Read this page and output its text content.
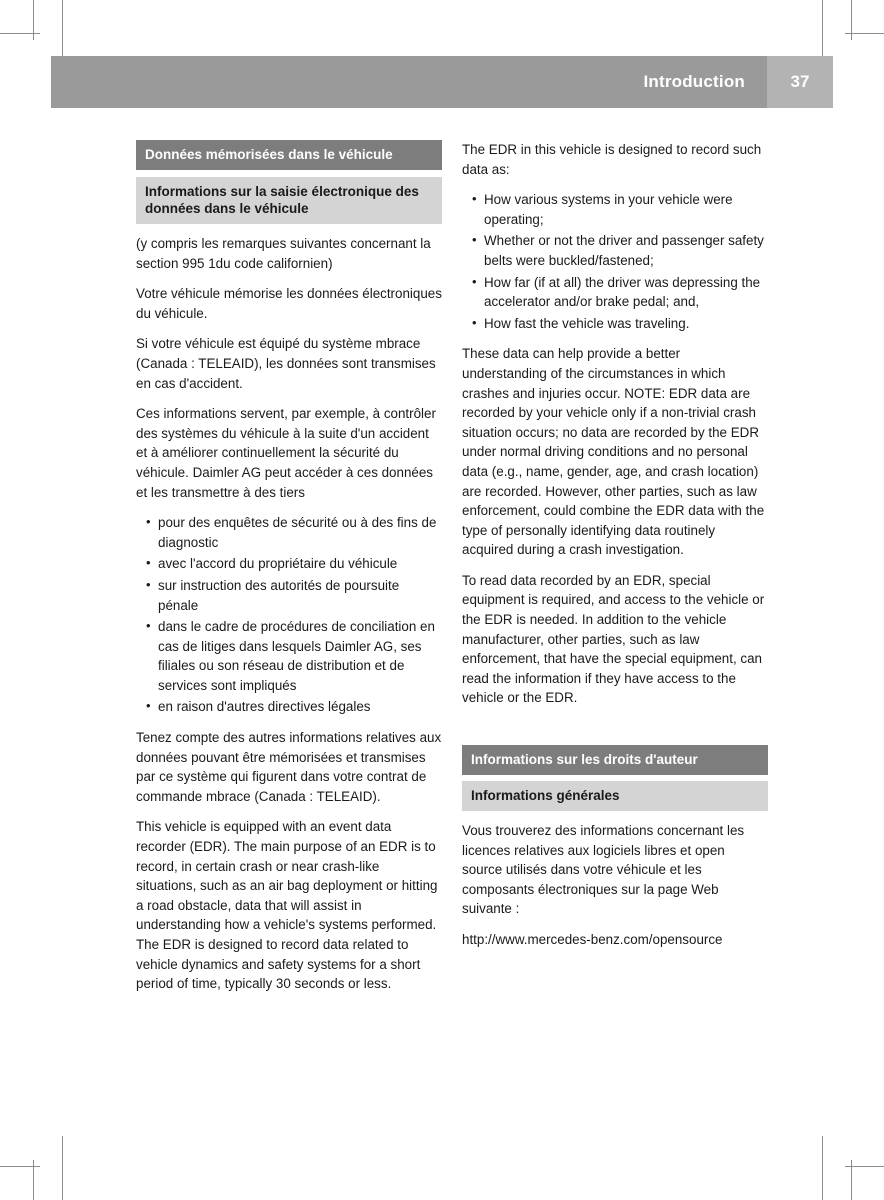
Introduction	37
Données mémorisées dans le véhicule
Informations sur la saisie électronique des données dans le véhicule

(y compris les remarques suivantes concernant la section 995 1du code californien)

Votre véhicule mémorise les données électroniques du véhicule.

Si votre véhicule est équipé du système mbrace (Canada : TELEAID), les données sont transmises en cas d'accident.

Ces informations servent, par exemple, à contrôler des systèmes du véhicule à la suite d'un accident et à améliorer continuellement la sécurité du véhicule. Daimler AG peut accéder à ces données et les transmettre à des tiers

• pour des enquêtes de sécurité ou à des fins de diagnostic
• avec l'accord du propriétaire du véhicule
• sur instruction des autorités de poursuite pénale
• dans le cadre de procédures de conciliation en cas de litiges dans lesquels Daimler AG, ses filiales ou son réseau de distribution et de services sont impliqués
• en raison d'autres directives légales

Tenez compte des autres informations relatives aux données pouvant être mémorisées et transmises par ce système qui figurent dans votre contrat de commande mbrace (Canada : TELEAID).

This vehicle is equipped with an event data recorder (EDR). The main purpose of an EDR is to record, in certain crash or near crash-like situations, such as an air bag deployment or hitting a road obstacle, data that will assist in understanding how a vehicle's systems performed. The EDR is designed to record data related to vehicle dynamics and safety systems for a short period of time, typically 30 seconds or less.

The EDR in this vehicle is designed to record such data as:

• How various systems in your vehicle were operating;
• Whether or not the driver and passenger safety belts were buckled/fastened;
• How far (if at all) the driver was depressing the accelerator and/or brake pedal; and,
• How fast the vehicle was traveling.

These data can help provide a better understanding of the circumstances in which crashes and injuries occur. NOTE: EDR data are recorded by your vehicle only if a non-trivial crash situation occurs; no data are recorded by the EDR under normal driving conditions and no personal data (e.g., name, gender, age, and crash location) are recorded. However, other parties, such as law enforcement, could combine the EDR data with the type of personally identifying data routinely acquired during a crash investigation.

To read data recorded by an EDR, special equipment is required, and access to the vehicle or the EDR is needed. In addition to the vehicle manufacturer, other parties, such as law enforcement, that have the special equipment, can read the information if they have access to the vehicle or the EDR.

Informations sur les droits d'auteur
Informations générales

Vous trouverez des informations concernant les licences relatives aux logiciels libres et open source utilisés dans votre véhicule et les composants électroniques sur la page Web suivante :

http://www.mercedes-benz.com/opensource
